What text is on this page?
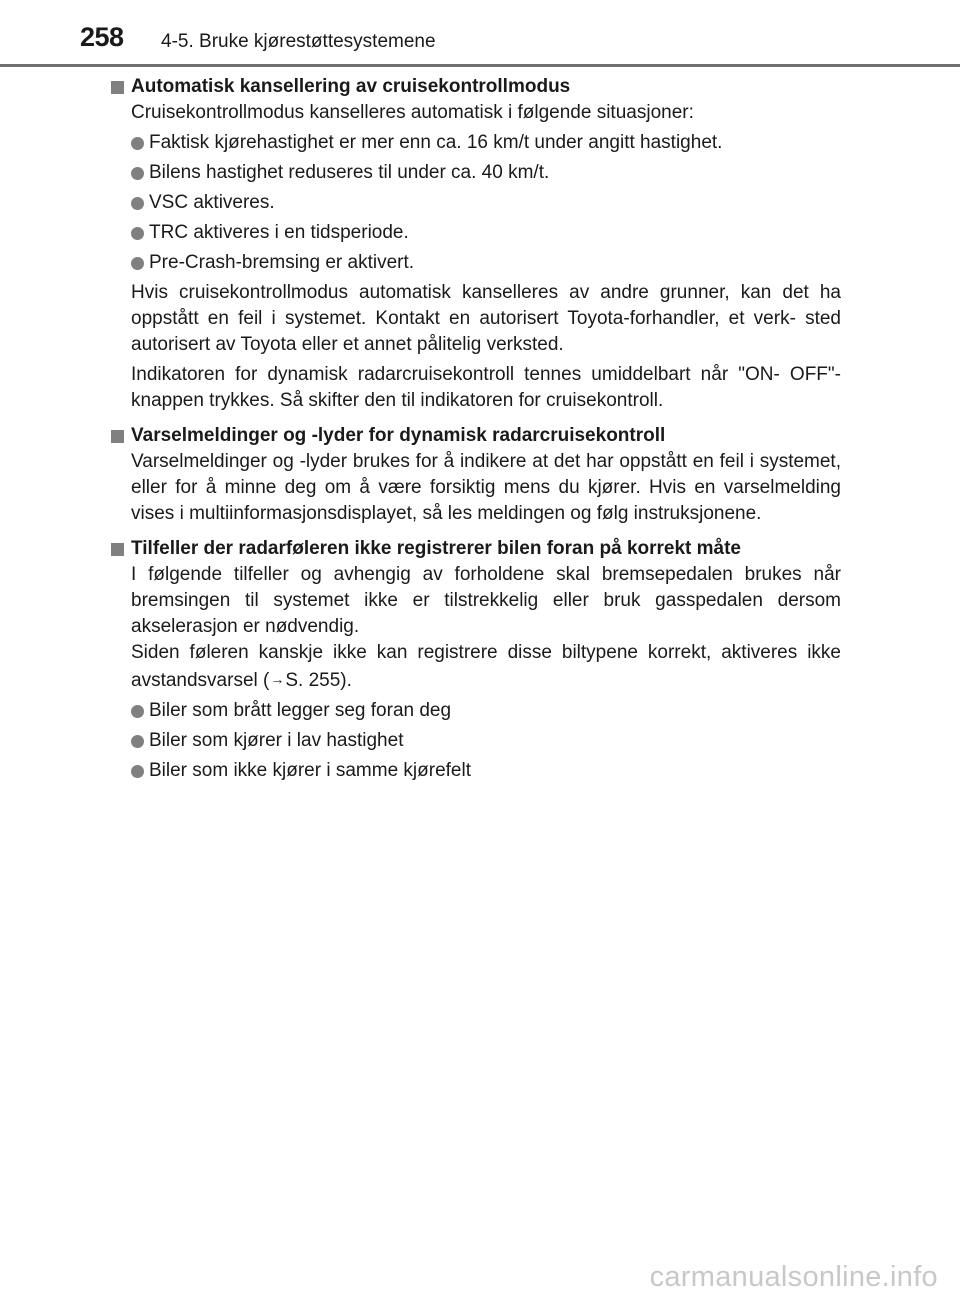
258 4-5. Bruke kjørestøttesystemene
Automatisk kansellering av cruisekontrollmodus

Cruisekontrollmodus kanselleres automatisk i følgende situasjoner:

Faktisk kjørehastighet er mer enn ca. 16 km/t under angitt hastighet.
Bilens hastighet reduseres til under ca. 40 km/t.
VSC aktiveres.
TRC aktiveres i en tidsperiode.
Pre-Crash-bremsing er aktivert.

Hvis cruisekontrollmodus automatisk kanselleres av andre grunner, kan det ha oppstått en feil i systemet. Kontakt en autorisert Toyota-forhandler, et verk- sted autorisert av Toyota eller et annet pålitelig verksted.

Indikatoren for dynamisk radarcruisekontroll tennes umiddelbart når "ON- OFF"-knappen trykkes. Så skifter den til indikatoren for cruisekontroll.

Varselmeldinger og -lyder for dynamisk radarcruisekontroll

Varselmeldinger og -lyder brukes for å indikere at det har oppstått en feil i systemet, eller for å minne deg om å være forsiktig mens du kjører. Hvis en varselmelding vises i multiinformasjonsdisplayet, så les meldingen og følg instruksjonene.

Tilfeller der radarføleren ikke registrerer bilen foran på korrekt måte

I følgende tilfeller og avhengig av forholdene skal bremsepedalen brukes når bremsingen til systemet ikke er tilstrekkelig eller bruk gasspedalen dersom akselerasjon er nødvendig.

Siden føleren kanskje ikke kan registrere disse biltypene korrekt, aktiveres ikke avstandsvarsel (→S. 255).

Biler som brått legger seg foran deg
Biler som kjører i lav hastighet
Biler som ikke kjører i samme kjørefelt
carmanualsonline.info
